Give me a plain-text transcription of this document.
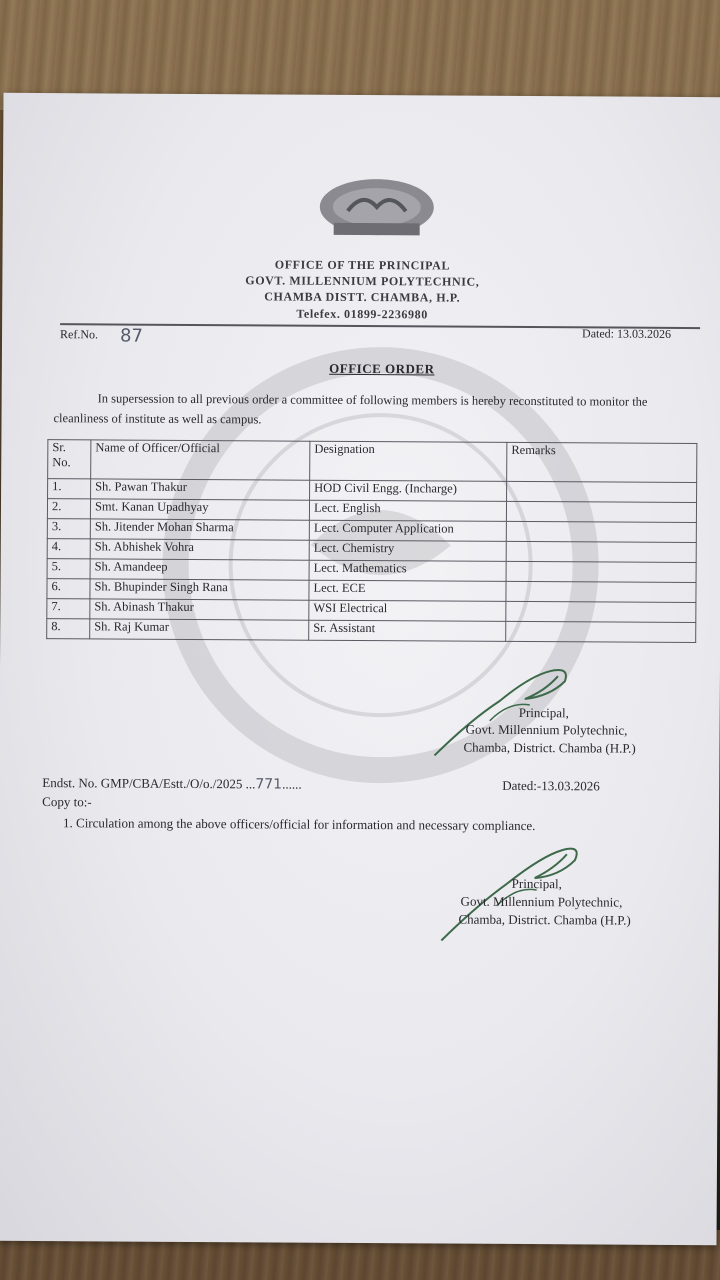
OFFICE OF THE PRINCIPAL
GOVT. MILLENNIUM POLYTECHNIC,
CHAMBA DISTT. CHAMBA, H.P.
Telefex. 01899-2236980
Ref.No. 87	Dated: 13.03.2026
OFFICE ORDER
In supersession to all previous order a committee of following members is hereby reconstituted to monitor the cleanliness of institute as well as campus.
Sr.
No.	Name of Officer/Official	Designation	Remarks
1.	Sh. Pawan Thakur	HOD Civil Engg. (Incharge)	
2.	Smt. Kanan Upadhyay	Lect. English	
3.	Sh. Jitender Mohan Sharma	Lect. Computer Application	
4.	Sh. Abhishek Vohra	Lect. Chemistry	
5.	Sh. Amandeep	Lect. Mathematics	
6.	Sh. Bhupinder Singh Rana	Lect. ECE	
7.	Sh. Abinash Thakur	WSI Electrical	
8.	Sh. Raj Kumar	Sr. Assistant	
Principal,
Govt. Millennium Polytechnic,
Chamba, District. Chamba (H.P.)
Endst. No. GMP/CBA/Estt./O/o./2025 ...771......	Dated:-13.03.2026
Copy to:-
1. Circulation among the above officers/official for information and necessary compliance.
Principal,
Govt. Millennium Polytechnic,
Chamba, District. Chamba (H.P.)
